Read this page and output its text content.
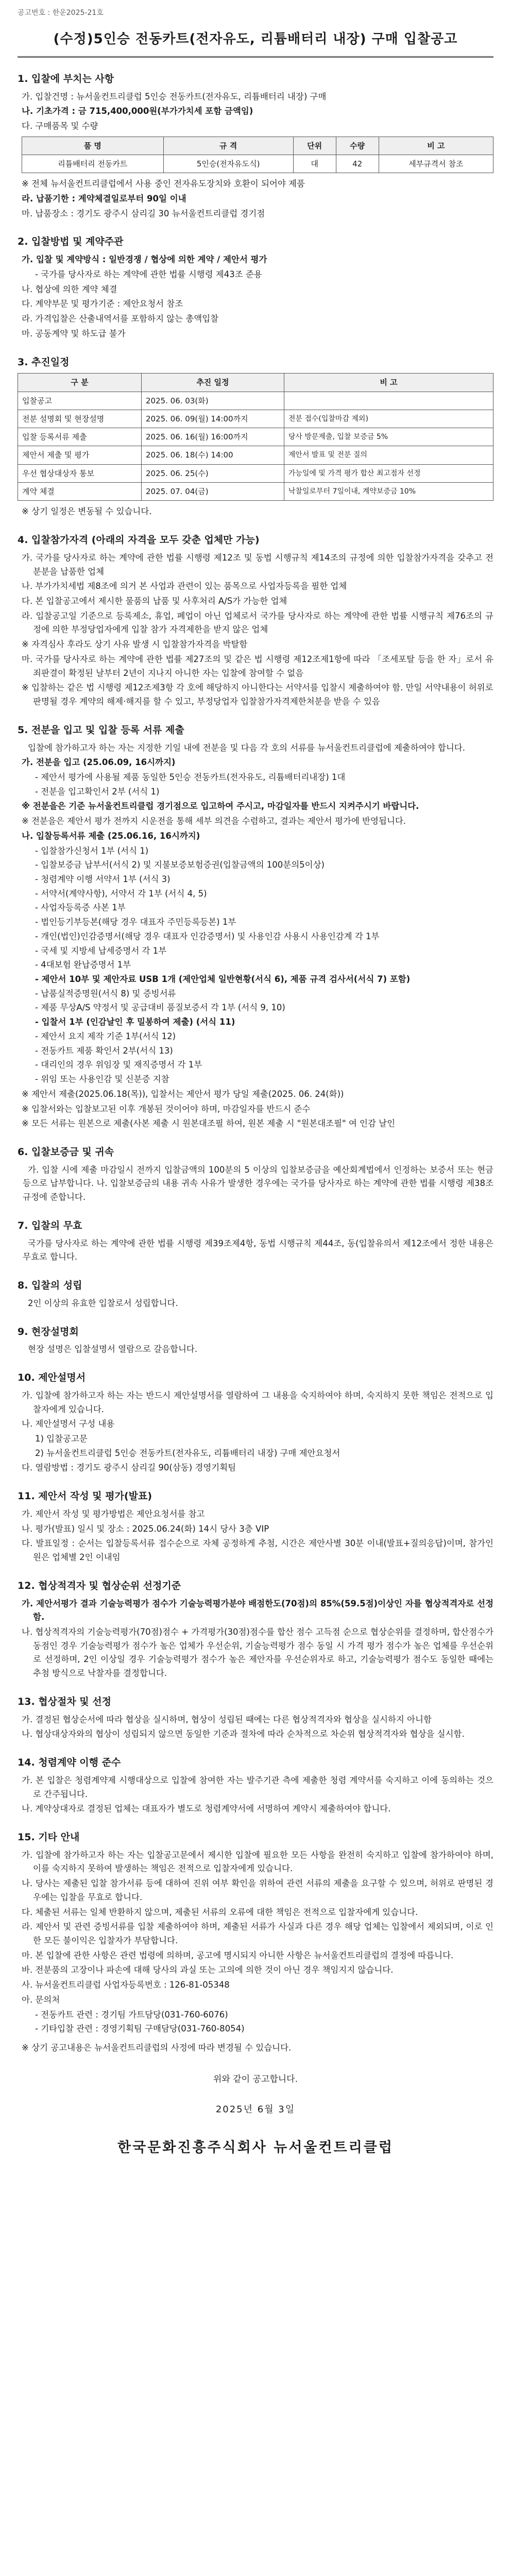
공고번호 : 한운2025-21호
(수정)5인승 전동카트(전자유도, 리튬배터리 내장) 구매 입찰공고
1. 입찰에 부치는 사항
가. 입찰건명 : 뉴서울컨트리클럽 5인승 전동카트(전자유도, 리튬배터리 내장) 구매
나. 기초가격 : 금 715,400,000원(부가가치세 포함 금액임)
다. 구매품목 및 수량
품 명	규 격	단위	수량	비 고
리튬배터리 전동카트	5인승(전자유도식)	대	42	세부규격서 참조
※ 전체 뉴서울컨트리클럽에서 사용 중인 전자유도장치와 호환이 되어야 제품
라. 납품기한 : 계약체결일로부터 90일 이내
마. 납품장소 : 경기도 광주시 삼리길 30 뉴서울컨트리클럽 경기점
2. 입찰방법 및 계약주관
가. 입찰 및 계약방식 : 일반경쟁 / 협상에 의한 계약 / 제안서 평가
- 국가를 당사자로 하는 계약에 관한 법률 시행령 제43조 준용
나. 협상에 의한 계약 체결
다. 계약부문 및 평가기준 : 제안요청서 참조
라. 가격입찰은 산출내역서를 포함하지 않는 총액입찰
마. 공동계약 및 하도급 불가
3. 추진일정
구 분	추진 일정	비 고
입찰공고	2025. 06. 03(화)	
전분 설명회 및 현장설명	2025. 06. 09(월) 14:00까지	전분 접수(입찰마감 제외)
입찰 등록서류 제출	2025. 06. 16(월) 16:00까지	당사 방문제출, 입찰 보증금 5%
제안서 제출 및 평가	2025. 06. 18(수) 14:00	제안서 발표 및 전분 질의
우선 협상대상자 통보	2025. 06. 25(수)	가능일에 및 가격 평가 합산 최고점자 선정
계약 체결	2025. 07. 04(금)	낙찰일로부터 7일이내, 계약보증금 10%
※ 상기 일정은 변동될 수 있습니다.
4. 입찰참가자격 (아래의 자격을 모두 갖춘 업체만 가능)
가. 국가를 당사자로 하는 계약에 관한 법률 시행령 제12조 및 동법 시행규칙 제14조의 규정에 의한 입찰참가자격을 갖추고 전분분을 납품한 업체
나. 부가가치세법 제8조에 의거 본 사업과 관련이 있는 품목으로 사업자등록을 필한 업체
다. 본 입찰공고에서 제시한 물품의 납품 및 사후처리 A/S가 가능한 업체
라. 입찰공고일 기준으로 등록제소, 휴업, 폐업이 아닌 업체로서 국가를 당사자로 하는 계약에 관한 법률 시행규칙 제76조의 규정에 의한 부정당업자에게 입찰 참가 자격제한을 받지 않은 업체
※ 자격심사 후라도 상기 사유 발생 시 입찰참가자격을 박탈함
마. 국가를 당사자로 하는 계약에 관한 법률 제27조의 및 같은 법 시행령 제12조제1항에 따라 「조세포탈 등을 한 자」로서 유죄판결이 확정된 날부터 2년이 지나지 아니한 자는 입찰에 참여할 수 없음
※ 입찰하는 같은 법 시행령 제12조제3항 각 호에 해당하지 아니한다는 서약서를 입찰시 제출하여야 함. 만일 서약내용이 허위로 판명될 경우 계약의 해제·해지를 할 수 있고, 부정당업자 입찰참가자격제한처분을 받을 수 있음
5. 전분을 입고 및 입찰 등록 서류 제출
입찰에 참가하고자 하는 자는 지정한 기일 내에 전분을 및 다음 각 호의 서류를 뉴서울컨트리클럽에 제출하여야 합니다.
가. 전분을 입고 (25.06.09, 16시까지)
- 제안서 평가에 사용될 제품 동일한 5인승 전동카트(전자유도, 리튬배터리내장) 1대
- 전분을 입고확인서 2부 (서식 1)
※ 전분을은 기준 뉴서울컨트리클럽 경기점으로 입고하여 주시고, 마감일자를 반드시 지켜주시기 바랍니다.
※ 전분을은 제안서 평가 전까지 시운전을 통해 세부 의견을 수렴하고, 결과는 제안서 평가에 반영됩니다.
나. 입찰등록서류 제출 (25.06.16, 16시까지)
- 입찰참가신청서 1부 (서식 1)
- 입찰보증금 납부서(서식 2) 및 지불보증보험증권(입찰금액의 100분의5이상)
- 청렴계약 이행 서약서 1부 (서식 3)
- 서약서(계약사항), 서약서 각 1부 (서식 4, 5)
- 사업자등록증 사본 1부
- 법인등기부등본(해당 경우 대표자 주민등록등본) 1부
- 개인(법인)인감증명서(해당 경우 대표자 인감증명서) 및 사용인감 사용시 사용인감계 각 1부
- 국세 및 지방세 납세증명서 각 1부
- 4대보험 완납증명서 1부
- 제안서 10부 및 제안자료 USB 1개 (제안업체 일반현황(서식 6), 제품 규격 검사서(서식 7) 포함)
- 납품실적증명원(서식 8) 및 증빙서류
- 제품 무상A/S 약정서 및 공급대비 품질보증서 각 1부 (서식 9, 10)
- 입찰서 1부 (인감날인 후 밀봉하여 제출) (서식 11)
- 제안서 요지 제작 기준 1부(서식 12)
- 전동카트 제품 확인서 2부(서식 13)
- 대리인의 경우 위임장 및 재직증명서 각 1부
- 위임 또는 사용인감 및 신분증 지참
※ 제안서 제출(2025.06.18(목)), 입찰서는 제안서 평가 당일 제출(2025. 06. 24(화))
※ 입찰서와는 입찰보고된 이후 개봉된 것이어야 하며, 마감일자를 반드시 준수
※ 모든 서류는 원본으로 제출(사본 제출 시 원본대조필 하여, 원본 제출 시 "원본대조필" 여 인감 날인
6. 입찰보증금 및 귀속
가. 입찰 시에 제출 마감일시 전까지 입찰금액의 100분의 5 이상의 입찰보증금을 예산회계법에서 인정하는 보증서 또는 현금 등으로 납부합니다. 나. 입찰보증금의 내용 귀속 사유가 발생한 경우에는 국가를 당사자로 하는 계약에 관한 법률 시행령 제38조 규정에 준합니다.
7. 입찰의 무효
국가를 당사자로 하는 계약에 관한 법률 시행령 제39조제4항, 동법 시행규칙 제44조, 동(입찰유의서 제12조에서 정한 내용은 무효로 합니다.
8. 입찰의 성립
2인 이상의 유효한 입찰로서 성립합니다.
9. 현장설명회
현장 설명은 입찰설명서 열람으로 갈음합니다.
10. 제안설명서
가. 입찰에 참가하고자 하는 자는 반드시 제안설명서를 열람하여 그 내용을 숙지하여야 하며, 숙지하지 못한 책임은 전적으로 입찰자에게 있습니다.
나. 제안설명서 구성 내용
1) 입찰공고문
2) 뉴서울컨트리클럽 5인승 전동카트(전자유도, 리튬배터리 내장) 구매 제안요청서
다. 열람방법 : 경기도 광주시 삼리길 90(삼동) 경영기획팀
11. 제안서 작성 및 평가(발표)
가. 제안서 작성 및 평가방법은 제안요청서를 참고
나. 평가(발표) 일시 및 장소 : 2025.06.24(화) 14시 당사 3층 VIP
다. 발표일정 : 순서는 입찰등록서류 접수순으로 자체 공정하게 추첨, 시간은 제안사별 30분 이내(발표+질의응답)이며, 참가인원은 업체별 2인 이내임
12. 협상적격자 및 협상순위 선정기준
가. 제안서평가 결과 기술능력평가 점수가 기술능력평가분야 배점한도(70점)의 85%(59.5점)이상인 자를 협상적격자로 선정함.
나. 협상적격자의 기술능력평가(70점)점수 + 가격평가(30점)점수를 합산 점수 고득점 순으로 협상순위를 결정하며, 합산점수가 동점인 경우 기술능력평가 점수가 높은 업체가 우선순위, 기술능력평가 점수 동일 시 가격 평가 점수가 높은 업체를 우선순위로 선정하며, 2인 이상일 경우 기술능력평가 점수가 높은 제안자를 우선순위자로 하고, 기술능력평가 점수도 동일한 때에는 추첨 방식으로 낙찰자를 결정합니다.
13. 협상절차 및 선정
가. 결정된 협상순서에 따라 협상을 실시하며, 협상이 성립된 때에는 다른 협상적격자와 협상을 실시하지 아니함
나. 협상대상자와의 협상이 성립되지 않으면 동일한 기준과 절차에 따라 순차적으로 차순위 협상적격자와 협상을 실시함.
14. 청렴계약 이행 준수
가. 본 입찰은 청렴계약제 시행대상으로 입찰에 참여한 자는 발주기관 측에 제출한 청렴 계약서를 숙지하고 이에 동의하는 것으로 간주됩니다.
나. 계약상대자로 결정된 업체는 대표자가 별도로 청렴계약서에 서명하여 계약시 제출하여야 합니다.
15. 기타 안내
가. 입찰에 참가하고자 하는 자는 입찰공고문에서 제시한 입찰에 필요한 모든 사항을 완전히 숙지하고 입찰에 참가하여야 하며, 이를 숙지하지 못하여 발생하는 책임은 전적으로 입찰자에게 있습니다.
나. 당사는 제출된 입찰 참가서류 등에 대하여 진위 여부 확인을 위하여 관련 서류의 제출을 요구할 수 있으며, 허위로 판명된 경우에는 입찰을 무효로 합니다.
다. 체출된 서류는 일체 반환하지 않으며, 제출된 서류의 오류에 대한 책임은 전적으로 입찰자에게 있습니다.
라. 제안서 및 관련 증빙서류를 입찰 제출하여야 하며, 제출된 서류가 사실과 다른 경우 해당 업체는 입찰에서 제외되며, 이로 인한 모든 불이익은 입찰자가 부담합니다.
마. 본 입찰에 관한 사항은 관련 법령에 의하며, 공고에 명시되지 아니한 사항은 뉴서울컨트리클럽의 결정에 따릅니다.
바. 전분품의 고장이나 파손에 대해 당사의 과실 또는 고의에 의한 것이 아닌 경우 책임지지 않습니다.
사. 뉴서울컨트리클럽 사업자등록번호 : 126-81-05348
아. 문의처
- 전동카트 관련 : 경기팀 가트담당(031-760-6076)
- 기타입찰 관련 : 경영기획팀 구매담당(031-760-8054)
※ 상기 공고내용은 뉴서울컨트리클럽의 사정에 따라 변경될 수 있습니다.
위와 같이 공고합니다.
2025년 6월 3일
한국문화진흥주식회사 뉴서울컨트리클럽
